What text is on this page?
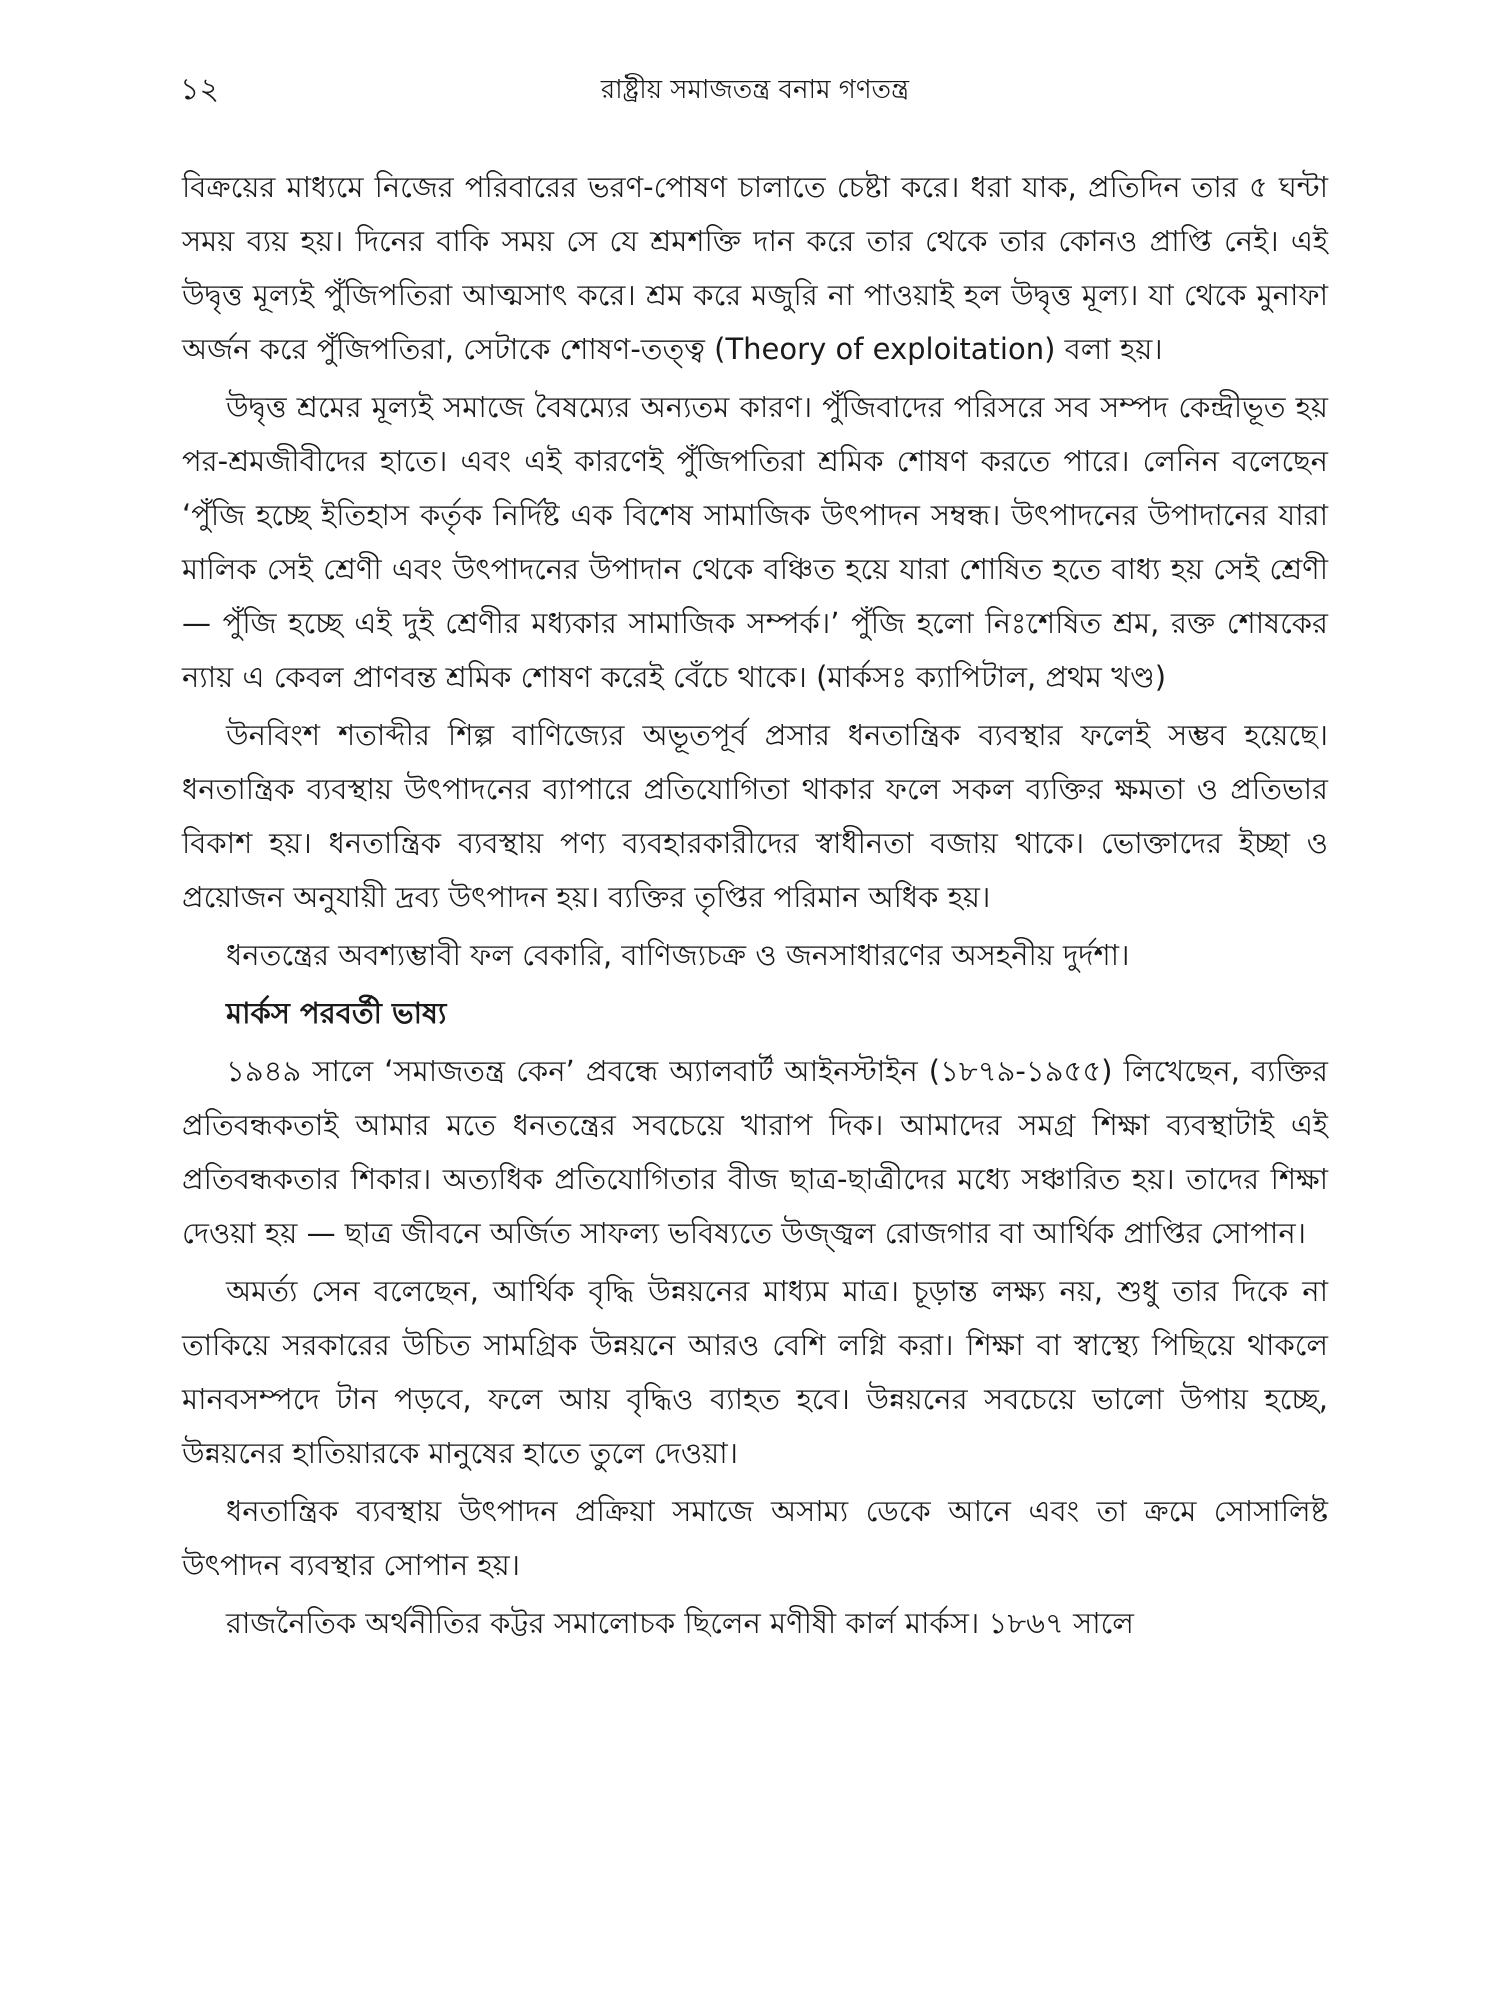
১২	রাষ্ট্রীয় সমাজতন্ত্র বনাম গণতন্ত্র

বিক্রয়ের মাধ্যমে নিজের পরিবারের ভরণ-পোষণ চালাতে চেষ্টা করে। ধরা যাক, প্রতিদিন তার ৫ ঘন্টা সময় ব্যয় হয়। দিনের বাকি সময় সে যে শ্রমশক্তি দান করে তার থেকে তার কোনও প্রাপ্তি নেই। এই উদ্বৃত্ত মূল্যই পুঁজিপতিরা আত্মসাৎ করে। শ্রম করে মজুরি না পাওয়াই হল উদ্বৃত্ত মূল্য। যা থেকে মুনাফা অর্জন করে পুঁজিপতিরা, সেটাকে শোষণ-তত্ত্ব (Theory of exploitation) বলা হয়।

উদ্বৃত্ত শ্রমের মূল্যই সমাজে বৈষম্যের অন্যতম কারণ। পুঁজিবাদের পরিসরে সব সম্পদ কেন্দ্রীভূত হয় পর-শ্রমজীবীদের হাতে। এবং এই কারণেই পুঁজিপতিরা শ্রমিক শোষণ করতে পারে। লেনিন বলেছেন ‘পুঁজি হচ্ছে ইতিহাস কর্তৃক নির্দিষ্ট এক বিশেষ সামাজিক উৎপাদন সম্বন্ধ। উৎপাদনের উপাদানের যারা মালিক সেই শ্রেণী এবং উৎপাদনের উপাদান থেকে বঞ্চিত হয়ে যারা শোষিত হতে বাধ্য হয় সেই শ্রেণী — পুঁজি হচ্ছে এই দুই শ্রেণীর মধ্যকার সামাজিক সম্পর্ক।’ পুঁজি হলো নিঃশেষিত শ্রম, রক্ত শোষকের ন্যায় এ কেবল প্রাণবন্ত শ্রমিক শোষণ করেই বেঁচে থাকে। (মার্কসঃ ক্যাপিটাল, প্রথম খণ্ড)

উনবিংশ শতাব্দীর শিল্প বাণিজ্যের অভূতপূর্ব প্রসার ধনতান্ত্রিক ব্যবস্থার ফলেই সম্ভব হয়েছে। ধনতান্ত্রিক ব্যবস্থায় উৎপাদনের ব্যাপারে প্রতিযোগিতা থাকার ফলে সকল ব্যক্তির ক্ষমতা ও প্রতিভার বিকাশ হয়। ধনতান্ত্রিক ব্যবস্থায় পণ্য ব্যবহারকারীদের স্বাধীনতা বজায় থাকে। ভোক্তাদের ইচ্ছা ও প্রয়োজন অনুযায়ী দ্রব্য উৎপাদন হয়। ব্যক্তির তৃপ্তির পরিমান অধিক হয়।

ধনতন্ত্রের অবশ্যম্ভাবী ফল বেকারি, বাণিজ্যচক্র ও জনসাধারণের অসহনীয় দুর্দশা।

মার্কস পরবর্তী ভাষ্য

১৯৪৯ সালে ‘সমাজতন্ত্র কেন’ প্রবন্ধে অ্যালবার্ট আইনস্টাইন (১৮৭৯-১৯৫৫) লিখেছেন, ব্যক্তির প্রতিবন্ধকতাই আমার মতে ধনতন্ত্রের সবচেয়ে খারাপ দিক। আমাদের সমগ্র শিক্ষা ব্যবস্থাটাই এই প্রতিবন্ধকতার শিকার। অত্যধিক প্রতিযোগিতার বীজ ছাত্র-ছাত্রীদের মধ্যে সঞ্চারিত হয়। তাদের শিক্ষা দেওয়া হয় — ছাত্র জীবনে অর্জিত সাফল্য ভবিষ্যতে উজ্জ্বল রোজগার বা আর্থিক প্রাপ্তির সোপান।

অমর্ত্য সেন বলেছেন, আর্থিক বৃদ্ধি উন্নয়নের মাধ্যম মাত্র। চূড়ান্ত লক্ষ্য নয়, শুধু তার দিকে না তাকিয়ে সরকারের উচিত সামগ্রিক উন্নয়নে আরও বেশি লগ্নি করা। শিক্ষা বা স্বাস্থ্যে পিছিয়ে থাকলে মানবসম্পদে টান পড়বে, ফলে আয় বৃদ্ধিও ব্যাহত হবে। উন্নয়নের সবচেয়ে ভালো উপায় হচ্ছে, উন্নয়নের হাতিয়ারকে মানুষের হাতে তুলে দেওয়া।

ধনতান্ত্রিক ব্যবস্থায় উৎপাদন প্রক্রিয়া সমাজে অসাম্য ডেকে আনে এবং তা ক্রমে সোসালিষ্ট উৎপাদন ব্যবস্থার সোপান হয়।

রাজনৈতিক অর্থনীতির কট্টর সমালোচক ছিলেন মণীষী কার্ল মার্কস। ১৮৬৭ সালে
